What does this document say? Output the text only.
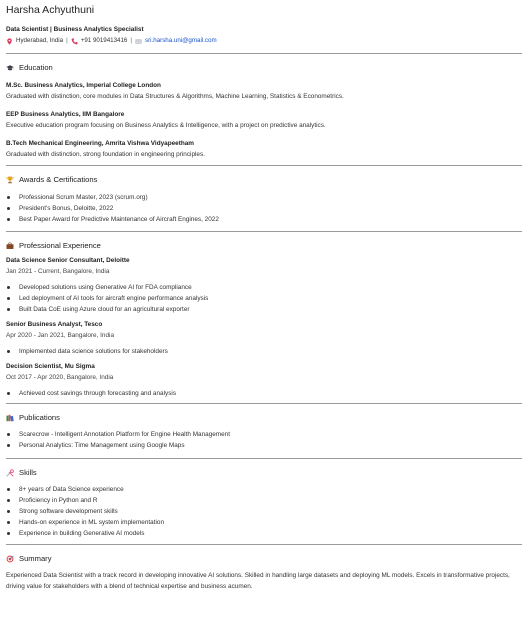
Harsha Achyuthuni
Data Scientist | Business Analytics Specialist
Hyderabad, India | +91 9019413416 | sri.harsha.uni@gmail.com
Education
M.Sc. Business Analytics, Imperial College London
Graduated with distinction, core modules in Data Structures & Algorithms, Machine Learning, Statistics & Econometrics.
EEP Business Analytics, IIM Bangalore
Executive education program focusing on Business Analytics & Intelligence, with a project on predictive analytics.
B.Tech Mechanical Engineering, Amrita Vishwa Vidyapeetham
Graduated with distinction, strong foundation in engineering principles.
Awards & Certifications
Professional Scrum Master, 2023 (scrum.org)
President's Bonus, Deloitte, 2022
Best Paper Award for Predictive Maintenance of Aircraft Engines, 2022
Professional Experience
Data Science Senior Consultant, Deloitte
Jan 2021 - Current, Bangalore, India
Developed solutions using Generative AI for FDA compliance
Led deployment of AI tools for aircraft engine performance analysis
Built Data CoE using Azure cloud for an agricultural exporter
Senior Business Analyst, Tesco
Apr 2020 - Jan 2021, Bangalore, India
Implemented data science solutions for stakeholders
Decision Scientist, Mu Sigma
Oct 2017 - Apr 2020, Bangalore, India
Achieved cost savings through forecasting and analysis
Publications
Scarecrow - Intelligent Annotation Platform for Engine Health Management
Personal Analytics: Time Management using Google Maps
Skills
8+ years of Data Science experience
Proficiency in Python and R
Strong software development skills
Hands-on experience in ML system implementation
Experience in building Generative AI models
Summary
Experienced Data Scientist with a track record in developing innovative AI solutions. Skilled in handling large datasets and deploying ML models. Excels in transformative projects, driving value for stakeholders with a blend of technical expertise and business acumen.
